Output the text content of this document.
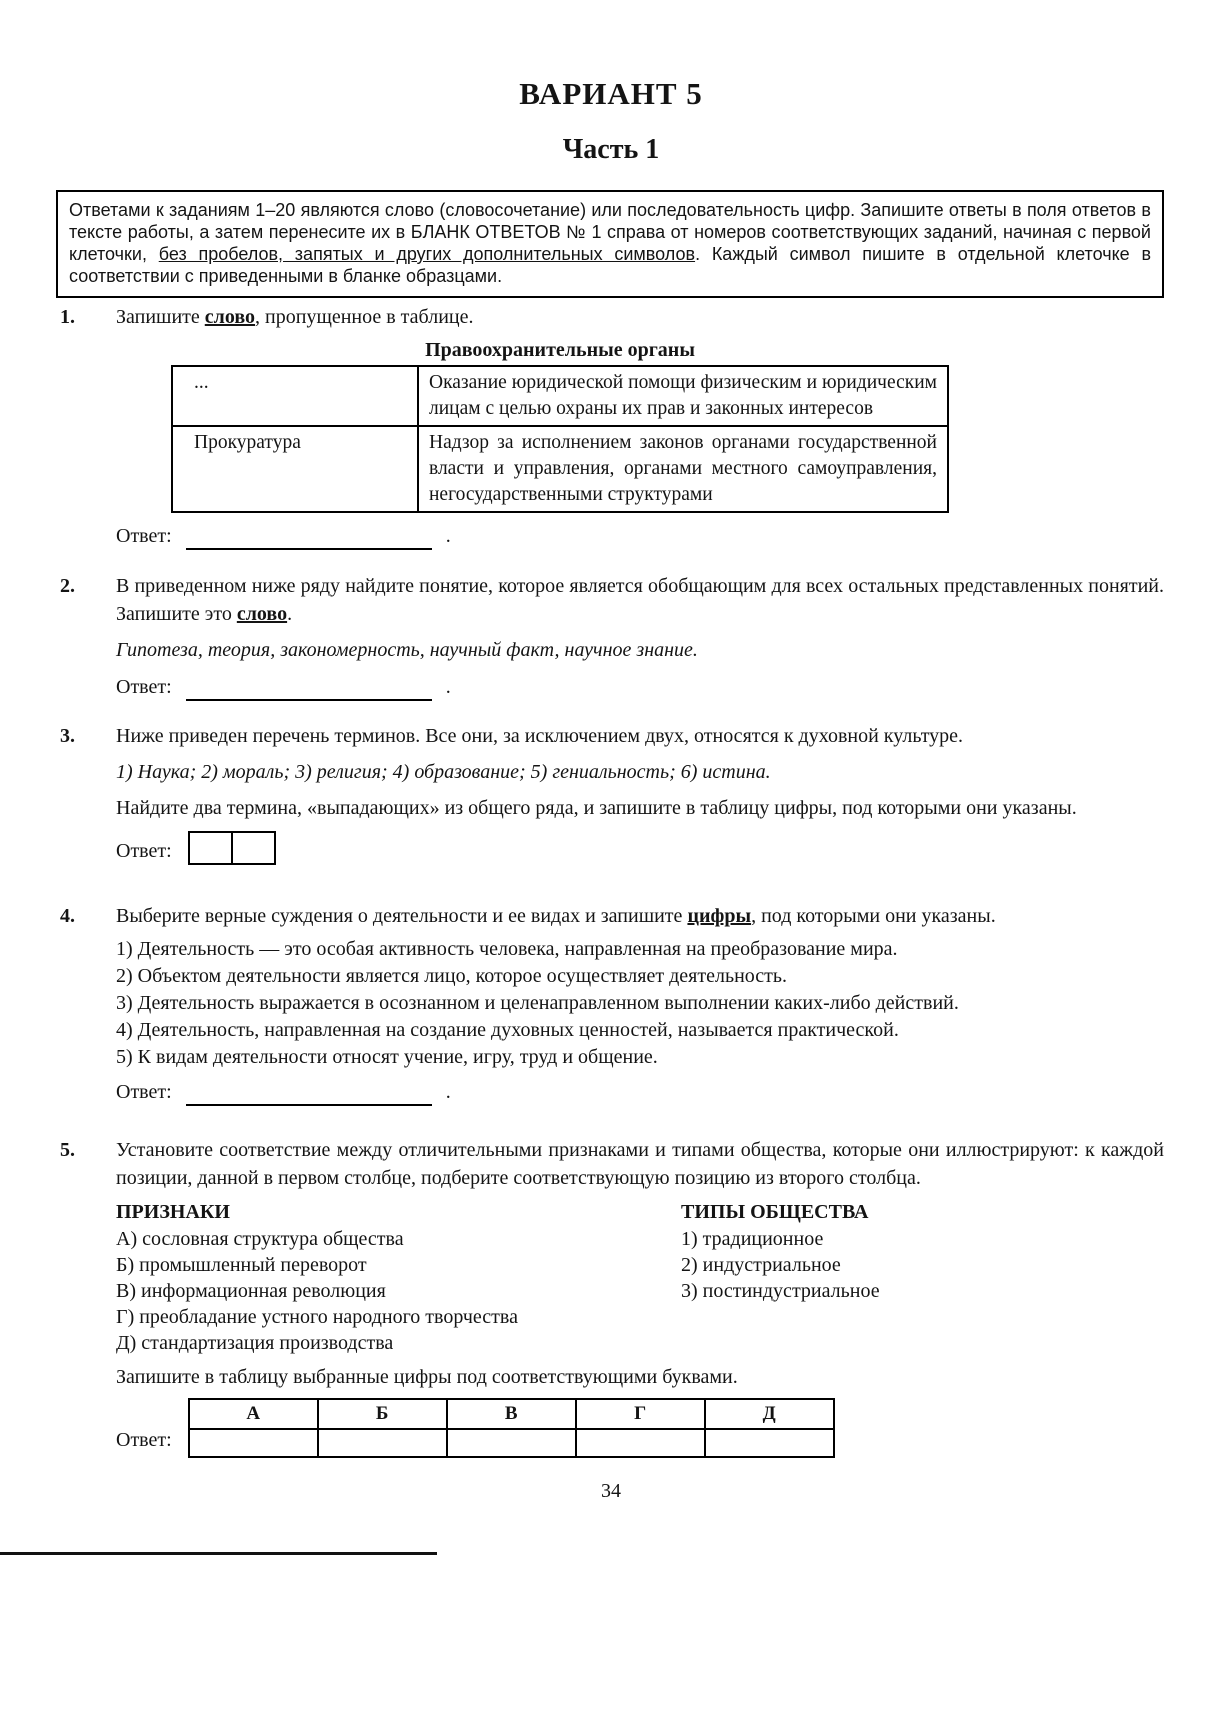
ВАРИАНТ 5
Часть 1

Ответами к заданиям 1–20 являются слово (словосочетание) или последовательность цифр. Запишите ответы в поля ответов в тексте работы, а затем перенесите их в БЛАНК ОТВЕТОВ № 1 справа от номеров соответствующих заданий, начиная с первой клеточки, без пробелов, запятых и других дополнительных символов. Каждый символ пишите в отдельной клеточке в соответствии с приведенными в бланке образцами.

1.	Запишите слово, пропущенное в таблице.

Правоохранительные органы
...	Оказание юридической помощи физическим и юридическим лицам с целью охраны их прав и законных интересов
Прокуратура	Надзор за исполнением законов органами государственной власти и управления, органами местного самоуправления, негосударственными структурами
Ответ:	.
2.	В приведенном ниже ряду найдите понятие, которое является обобщающим для всех остальных представленных понятий. Запишите это слово.

Гипотеза, теория, закономерность, научный факт, научное знание.

Ответ:	.
3.	Ниже приведен перечень терминов. Все они, за исключением двух, относятся к духовной культуре.

1) Наука; 2) мораль; 3) религия; 4) образование; 5) гениальность; 6) истина.

Найдите два термина, «выпадающих» из общего ряда, и запишите в таблицу цифры, под которыми они указаны.

Ответ:
4.	Выберите верные суждения о деятельности и ее видах и запишите цифры, под которыми они указаны.

1) Деятельность — это особая активность человека, направленная на преобразование мира.
2) Объектом деятельности является лицо, которое осуществляет деятельность.
3) Деятельность выражается в осознанном и целенаправленном выполнении каких-либо действий.
4) Деятельность, направленная на создание духовных ценностей, называется практической.
5) К видам деятельности относят учение, игру, труд и общение.
Ответ:	.
5.	Установите соответствие между отличительными признаками и типами общества, которые они иллюстрируют: к каждой позиции, данной в первом столбце, подберите соответствующую позицию из второго столбца.

ПРИЗНАКИ
А) сословная структура общества
Б) промышленный переворот
В) информационная революция
Г) преобладание устного народного творчества
Д) стандартизация производства
ТИПЫ ОБЩЕСТВА
1) традиционное
2) индустриальное
3) постиндустриальное

Запишите в таблицу выбранные цифры под соответствующими буквами.

Ответ:
А	Б	В	Г	Д

34
